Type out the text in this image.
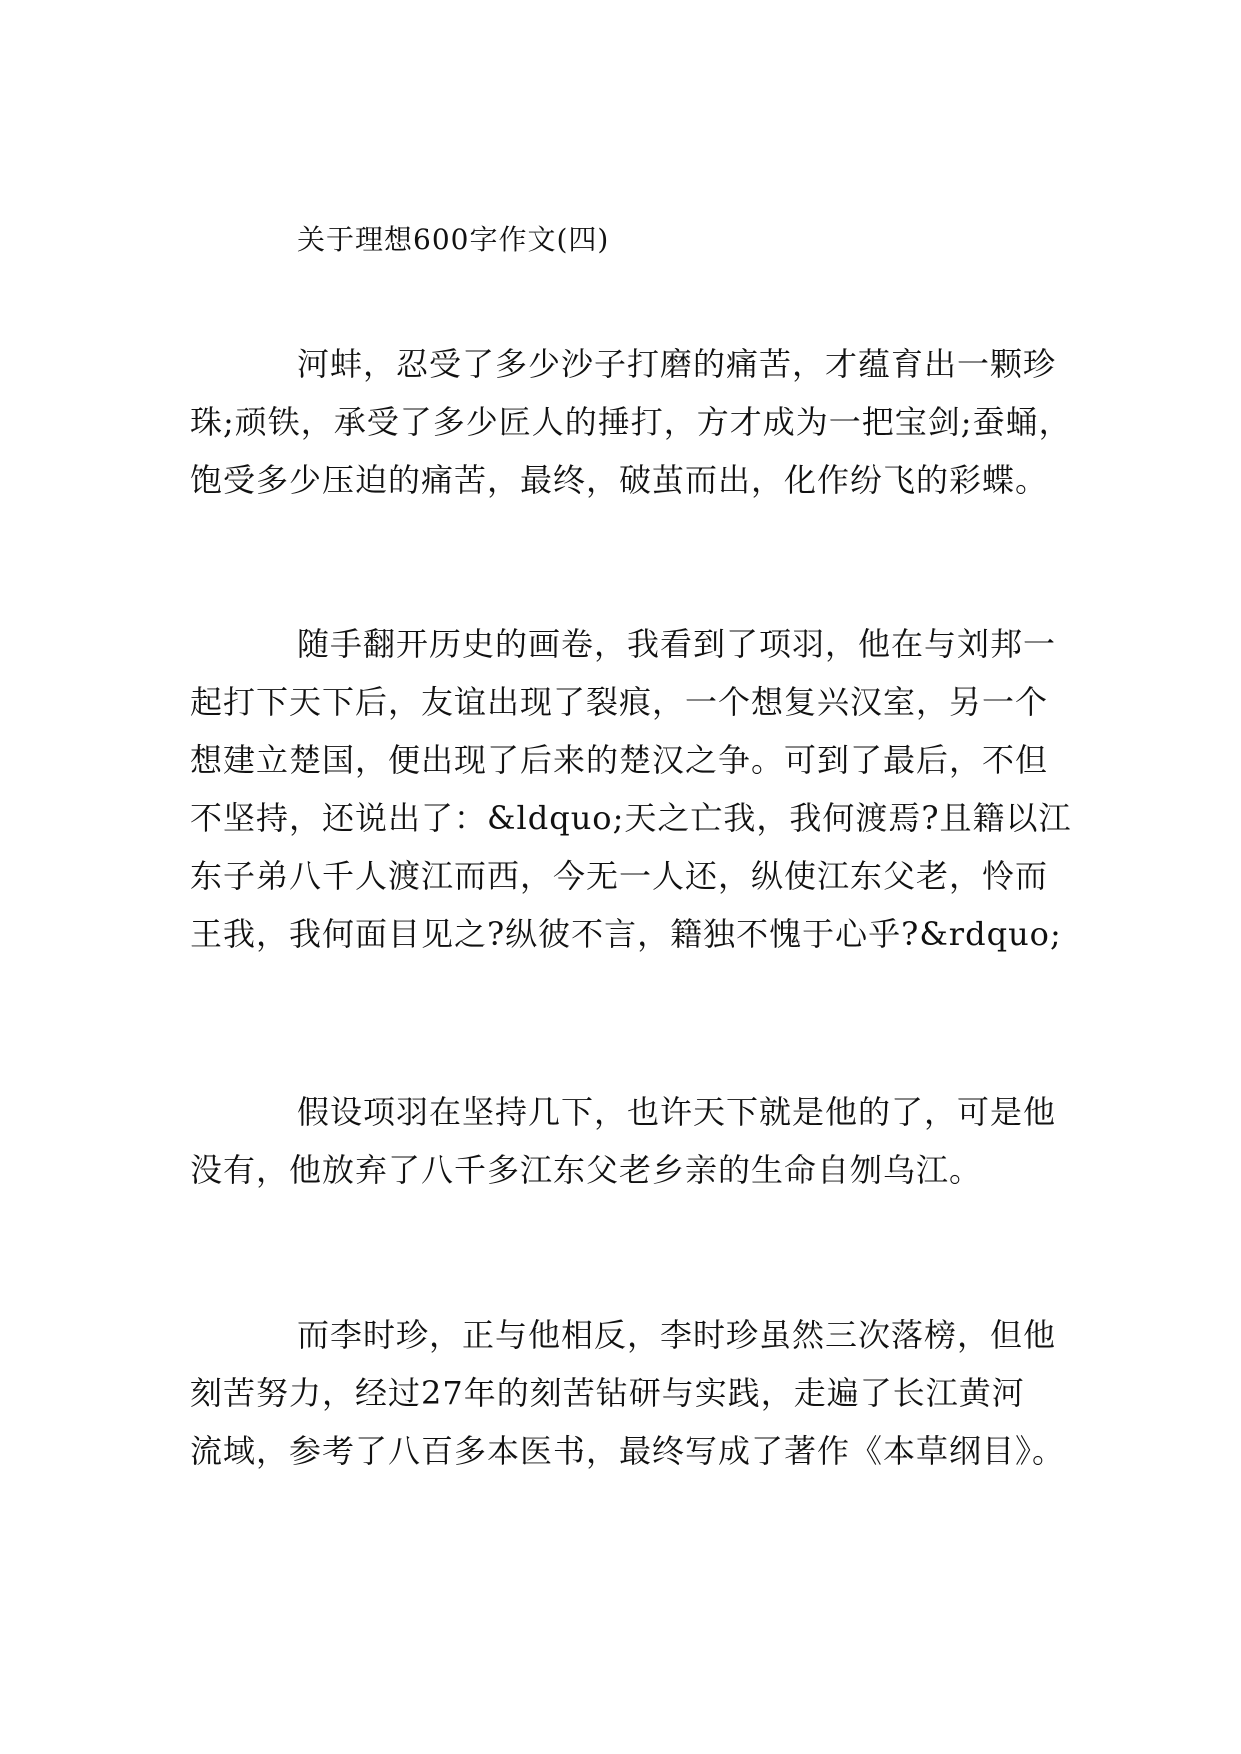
关于理想600字作文(四)
河蚌，忍受了多少沙子打磨的痛苦，才蕴育出一颗珍
珠;顽铁，承受了多少匠人的捶打，方才成为一把宝剑;蚕蛹，
饱受多少压迫的痛苦，最终，破茧而出，化作纷飞的彩蝶。
随手翻开历史的画卷，我看到了项羽，他在与刘邦一
起打下天下后，友谊出现了裂痕，一个想复兴汉室，另一个
想建立楚国，便出现了后来的楚汉之争。可到了最后，不但
不坚持，还说出了：&ldquo;天之亡我，我何渡焉?且籍以江
东子弟八千人渡江而西，今无一人还，纵使江东父老，怜而
王我，我何面目见之?纵彼不言，籍独不愧于心乎?&rdquo;
假设项羽在坚持几下，也许天下就是他的了，可是他
没有，他放弃了八千多江东父老乡亲的生命自刎乌江。
而李时珍，正与他相反，李时珍虽然三次落榜，但他
刻苦努力，经过27年的刻苦钻研与实践，走遍了长江黄河
流域，参考了八百多本医书，最终写成了著作《本草纲目》。
